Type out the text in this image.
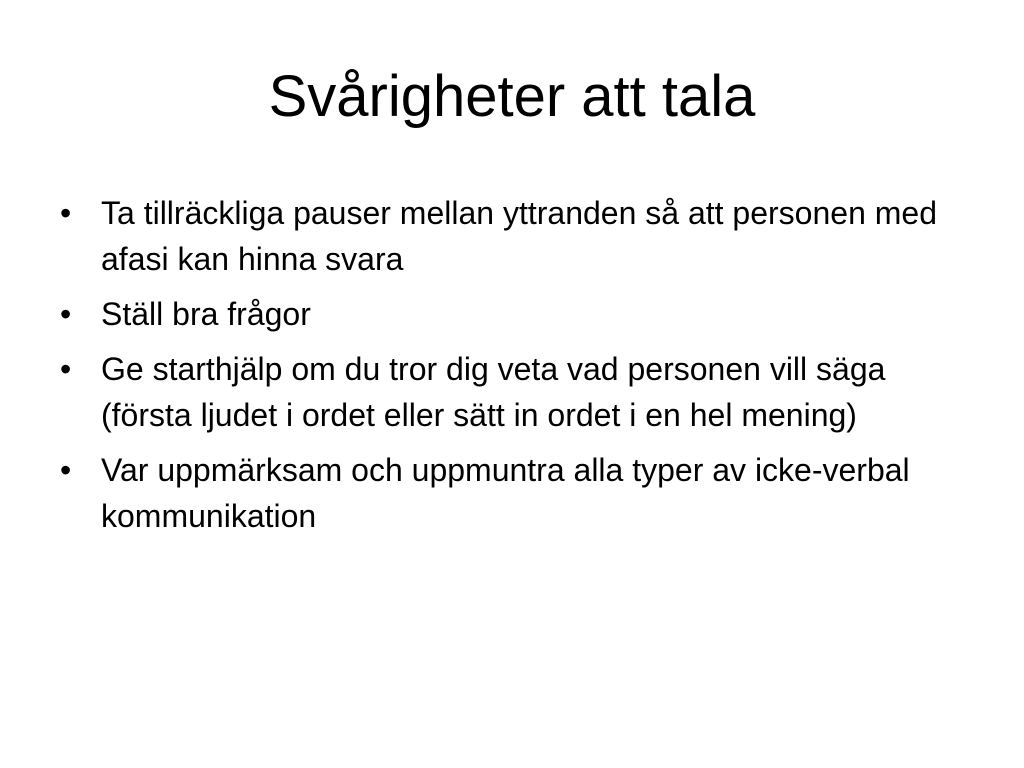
Svårigheter att tala
• Ta tillräckliga pauser mellan yttranden så att personen med afasi kan hinna svara
• Ställ bra frågor
• Ge starthjälp om du tror dig veta vad personen vill säga (första ljudet i ordet eller sätt in ordet i en hel mening)
• Var uppmärksam och uppmuntra alla typer av icke-verbal kommunikation
